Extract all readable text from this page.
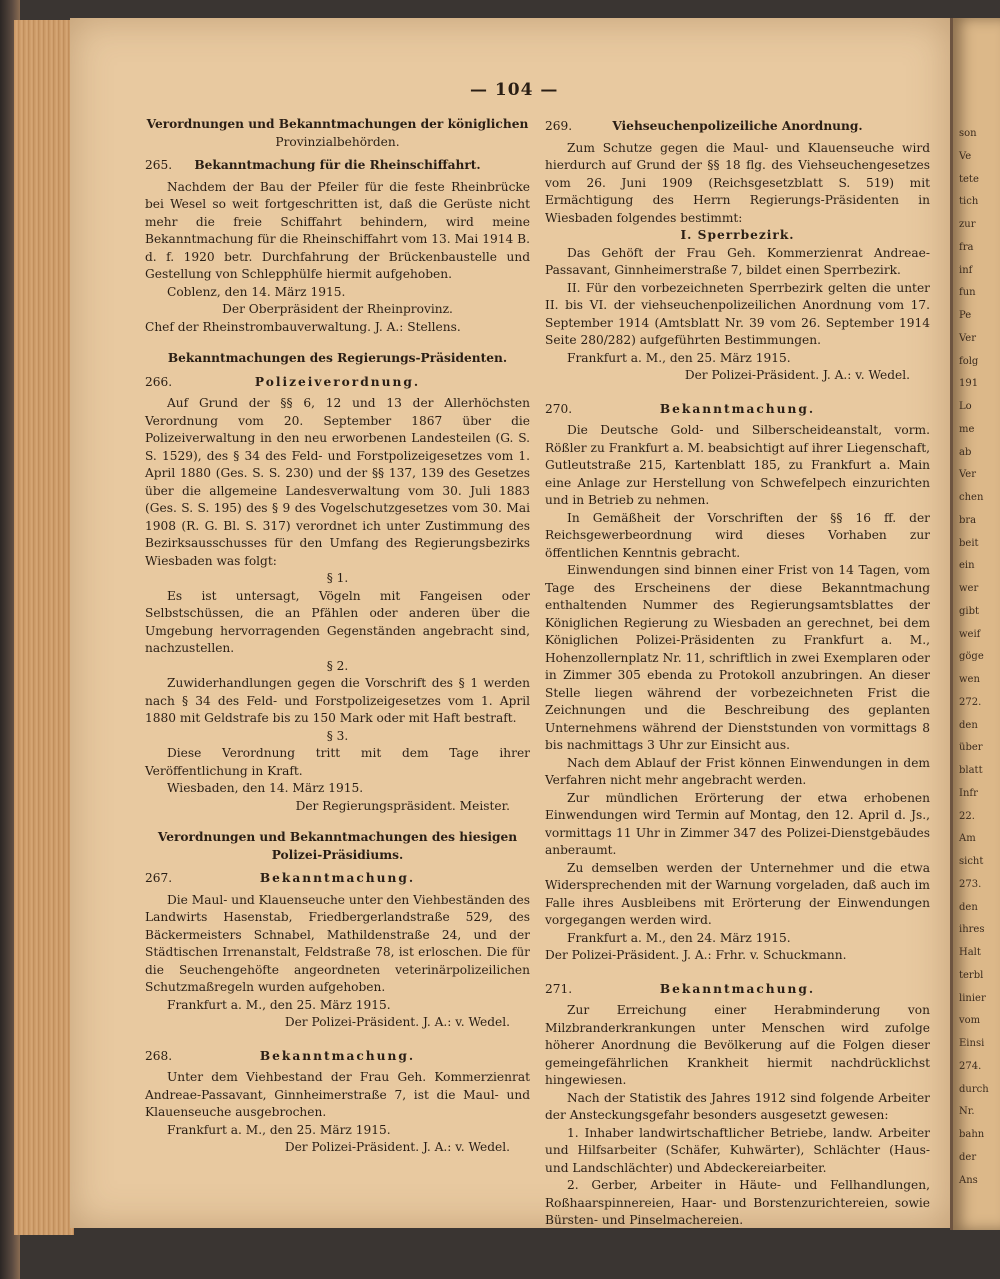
son
Ve
tete
tich
zur
fra
inf
fun
Pe
Ver
folg
191
Lo
me
ab
Ver
chen
bra
beit
ein
wer
gibt
weif
göge
wen
272.
den
über
blatt
Infr
22.
Am
sicht
273.
den
ihres
Halt
terbl
linier
vom
Einsi
274.
durch
Nr.
bahn
der
Ans
— 104 —
Verordnungen und Bekanntmachungen der königlichen
Provinzialbehörden.
265. Bekanntmachung für die Rheinschiffahrt.

Nachdem der Bau der Pfeiler für die feste Rheinbrücke bei Wesel so weit fortgeschritten ist, daß die Gerüste nicht mehr die freie Schiffahrt behindern, wird meine Bekanntmachung für die Rheinschiffahrt vom 13. Mai 1914 B. d. f. 1920 betr. Durchfahrung der Brückenbaustelle und Gestellung von Schlepphülfe hiermit aufgehoben.

Coblenz, den 14. März 1915.

Der Oberpräsident der Rheinprovinz.

Chef der Rheinstrombauverwaltung. J. A.: Stellens.

Bekanntmachungen des Regierungs-Präsidenten.
266.	Polizeiverordnung.

Auf Grund der §§ 6, 12 und 13 der Allerhöchsten Verordnung vom 20. September 1867 über die Polizeiverwaltung in den neu erworbenen Landesteilen (G. S. S. 1529), des § 34 des Feld- und Forstpolizeigesetzes vom 1. April 1880 (Ges. S. S. 230) und der §§ 137, 139 des Gesetzes über die allgemeine Landesverwaltung vom 30. Juli 1883 (Ges. S. S. 195) des § 9 des Vogelschutzgesetzes vom 30. Mai 1908 (R. G. Bl. S. 317) verordnet ich unter Zustimmung des Bezirksausschusses für den Umfang des Regierungsbezirks Wiesbaden was folgt:

§ 1.

Es ist untersagt, Vögeln mit Fangeisen oder Selbstschüssen, die an Pfählen oder anderen über die Umgebung hervorragenden Gegenständen angebracht sind, nachzustellen.

§ 2.

Zuwiderhandlungen gegen die Vorschrift des § 1 werden nach § 34 des Feld- und Forstpolizeigesetzes vom 1. April 1880 mit Geldstrafe bis zu 150 Mark oder mit Haft bestraft.

§ 3.

Diese Verordnung tritt mit dem Tage ihrer Veröffentlichung in Kraft.

Wiesbaden, den 14. März 1915.

Der Regierungspräsident. Meister.

Verordnungen und Bekanntmachungen des hiesigen
Polizei-Präsidiums.
267.	Bekanntmachung.

Die Maul- und Klauenseuche unter den Viehbeständen des Landwirts Hasenstab, Friedbergerlandstraße 529, des Bäckermeisters Schnabel, Mathildenstraße 24, und der Städtischen Irrenanstalt, Feldstraße 78, ist erloschen. Die für die Seuchengehöfte angeordneten veterinärpolizeilichen Schutzmaßregeln wurden aufgehoben.

Frankfurt a. M., den 25. März 1915.

Der Polizei-Präsident. J. A.: v. Wedel.

268.	Bekanntmachung.

Unter dem Viehbestand der Frau Geh. Kommerzienrat Andreae-Passavant, Ginnheimerstraße 7, ist die Maul- und Klauenseuche ausgebrochen.

Frankfurt a. M., den 25. März 1915.

Der Polizei-Präsident. J. A.: v. Wedel.

269.	Viehseuchenpolizeiliche Anordnung.

Zum Schutze gegen die Maul- und Klauenseuche wird hierdurch auf Grund der §§ 18 flg. des Viehseuchengesetzes vom 26. Juni 1909 (Reichsgesetzblatt S. 519) mit Ermächtigung des Herrn Regierungs-Präsidenten in Wiesbaden folgendes bestimmt:

I. Sperrbezirk.

Das Gehöft der Frau Geh. Kommerzienrat Andreae-Passavant, Ginnheimerstraße 7, bildet einen Sperrbezirk.

II. Für den vorbezeichneten Sperrbezirk gelten die unter II. bis VI. der viehseuchenpolizeilichen Anordnung vom 17. September 1914 (Amtsblatt Nr. 39 vom 26. September 1914 Seite 280/282) aufgeführten Bestimmungen.

Frankfurt a. M., den 25. März 1915.

Der Polizei-Präsident. J. A.: v. Wedel.

270.	Bekanntmachung.

Die Deutsche Gold- und Silberscheideanstalt, vorm. Rößler zu Frankfurt a. M. beabsichtigt auf ihrer Liegenschaft, Gutleutstraße 215, Kartenblatt 185, zu Frankfurt a. Main eine Anlage zur Herstellung von Schwefelpech einzurichten und in Betrieb zu nehmen.

In Gemäßheit der Vorschriften der §§ 16 ff. der Reichsgewerbeordnung wird dieses Vorhaben zur öffentlichen Kenntnis gebracht.

Einwendungen sind binnen einer Frist von 14 Tagen, vom Tage des Erscheinens der diese Bekanntmachung enthaltenden Nummer des Regierungsamtsblattes der Königlichen Regierung zu Wiesbaden an gerechnet, bei dem Königlichen Polizei-Präsidenten zu Frankfurt a. M., Hohenzollernplatz Nr. 11, schriftlich in zwei Exemplaren oder in Zimmer 305 ebenda zu Protokoll anzubringen. An dieser Stelle liegen während der vorbezeichneten Frist die Zeichnungen und die Beschreibung des geplanten Unternehmens während der Dienststunden von vormittags 8 bis nachmittags 3 Uhr zur Einsicht aus.

Nach dem Ablauf der Frist können Einwendungen in dem Verfahren nicht mehr angebracht werden.

Zur mündlichen Erörterung der etwa erhobenen Einwendungen wird Termin auf Montag, den 12. April d. Js., vormittags 11 Uhr in Zimmer 347 des Polizei-Dienstgebäudes anberaumt.

Zu demselben werden der Unternehmer und die etwa Widersprechenden mit der Warnung vorgeladen, daß auch im Falle ihres Ausbleibens mit Erörterung der Einwendungen vorgegangen werden wird.

Frankfurt a. M., den 24. März 1915.

Der Polizei-Präsident. J. A.: Frhr. v. Schuckmann.

271.	Bekanntmachung.

Zur Erreichung einer Herabminderung von Milzbranderkrankungen unter Menschen wird zufolge höherer Anordnung die Bevölkerung auf die Folgen dieser gemeingefährlichen Krankheit hiermit nachdrücklichst hingewiesen.

Nach der Statistik des Jahres 1912 sind folgende Arbeiter der Ansteckungsgefahr besonders ausgesetzt gewesen:

1. Inhaber landwirtschaftlicher Betriebe, landw. Arbeiter und Hilfsarbeiter (Schäfer, Kuhwärter), Schlächter (Haus- und Landschlächter) und Abdeckereiarbeiter.

2. Gerber, Arbeiter in Häute- und Fellhandlungen, Roßhaarspinnereien, Haar- und Borstenzurichtereien, sowie Bürsten- und Pinselmachereien.
